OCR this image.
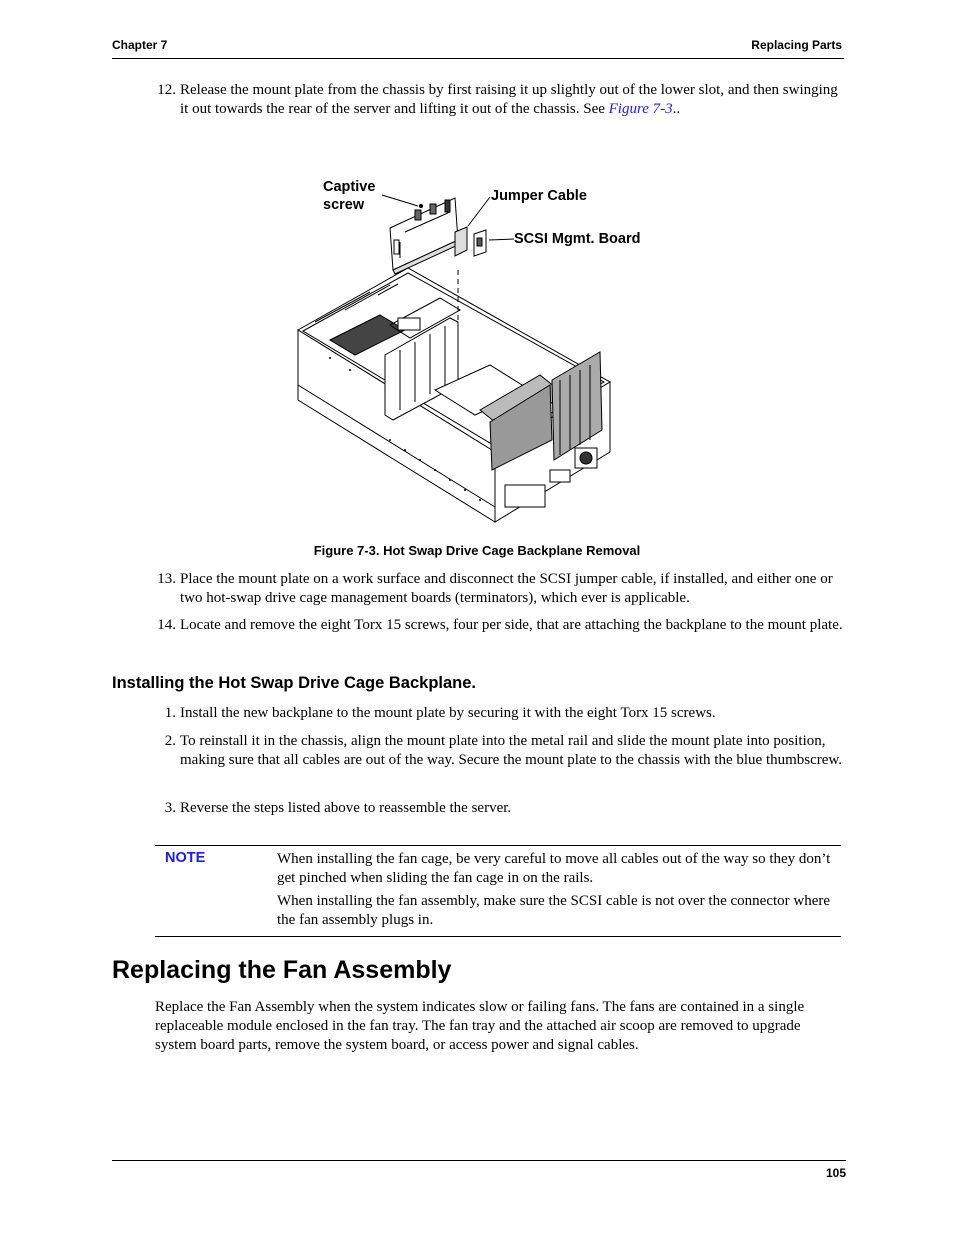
Chapter 7	Replacing Parts
12. Release the mount plate from the chassis by first raising it up slightly out of the lower slot, and then swinging it out towards the rear of the server and lifting it out of the chassis. See Figure 7-3..
Captive
screw
Jumper Cable
SCSI Mgmt. Board
Figure 7-3. Hot Swap Drive Cage Backplane Removal
13. Place the mount plate on a work surface and disconnect the SCSI jumper cable, if installed, and either one or two hot-swap drive cage management boards (terminators), which ever is applicable.
14. Locate and remove the eight Torx 15 screws, four per side, that are attaching the backplane to the mount plate.
Installing the Hot Swap Drive Cage Backplane.
1. Install the new backplane to the mount plate by securing it with the eight Torx 15 screws.
2. To reinstall it in the chassis, align the mount plate into the metal rail and slide the mount plate into position, making sure that all cables are out of the way. Secure the mount plate to the chassis with the blue thumbscrew.
3. Reverse the steps listed above to reassemble the server.
NOTE	When installing the fan cage, be very careful to move all cables out of the way so they don’t get pinched when sliding the fan cage in on the rails.
When installing the fan assembly, make sure the SCSI cable is not over the connector where the fan assembly plugs in.
Replacing the Fan Assembly
Replace the Fan Assembly when the system indicates slow or failing fans. The fans are contained in a single replaceable module enclosed in the fan tray. The fan tray and the attached air scoop are removed to upgrade system board parts, remove the system board, or access power and signal cables.
105
